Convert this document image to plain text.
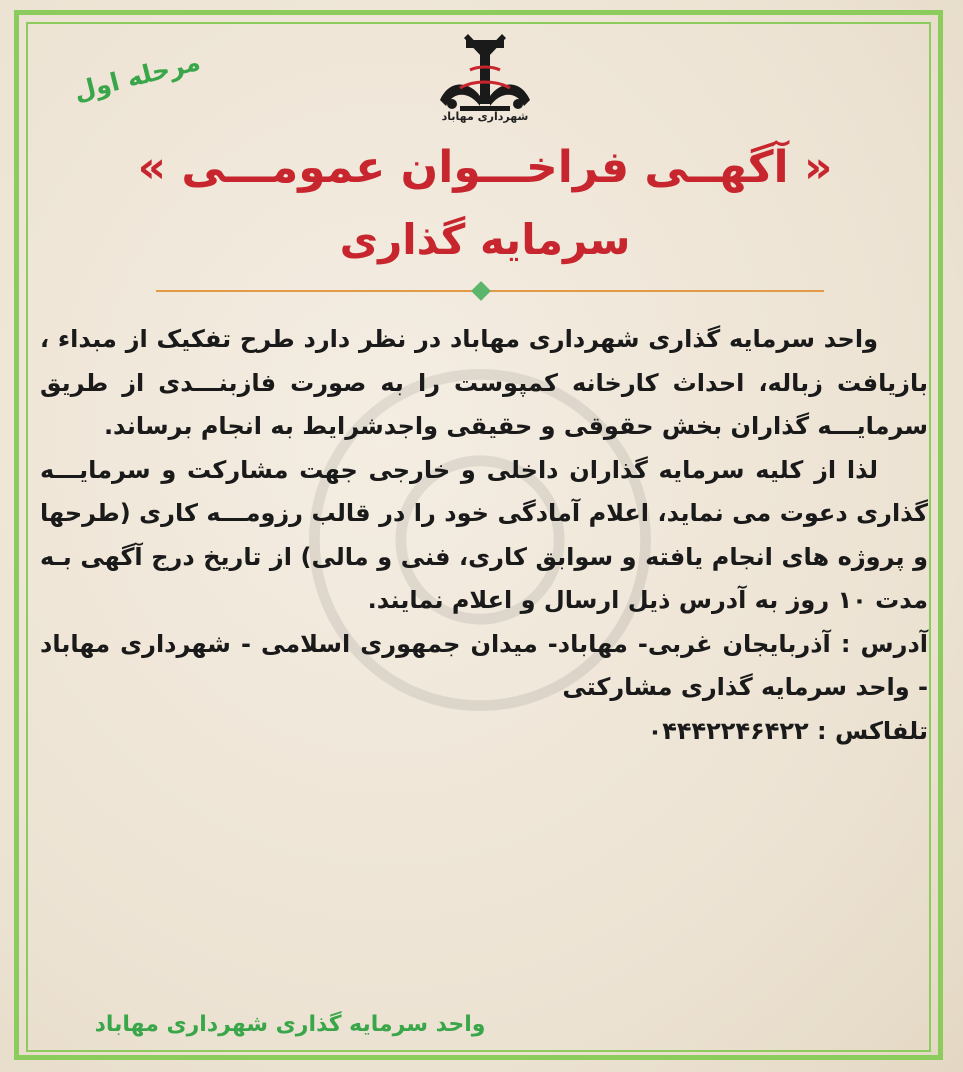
مرحله اول
شهرداری مهاباد
« آگهــی فراخـــوان عمومـــی »
سرمایه گذاری

واحد سرمایه گذاری شهرداری مهاباد در نظر دارد طرح تفکیک از مبداء ، بازیافت زباله، احداث کارخانه کمپوست را به صورت فازبنـــدی از طریق سرمایـــه گذاران بخش حقوقی و حقیقی واجدشرایط به انجام برساند.

لذا از کلیه سرمایه گذاران داخلی و خارجی جهت مشارکت و سرمایـــه گذاری دعوت می نماید، اعلام آمادگی خود را در قالب رزومـــه کاری (طرحها و پروژه های انجام یافته و سوابق کاری، فنی و مالی) از تاریخ درج آگهی بـه مدت ۱۰ روز به آدرس ذیل ارسال و اعلام نمایند.

آدرس : آذربایجان غربی- مهاباد- میدان جمهوری اسلامی - شهرداری مهاباد - واحد سرمایه گذاری مشارکتی

تلفاکس : ۰۴۴۴۲۲۴۶۴۲۲

واحد سرمایه گذاری شهرداری مهاباد
